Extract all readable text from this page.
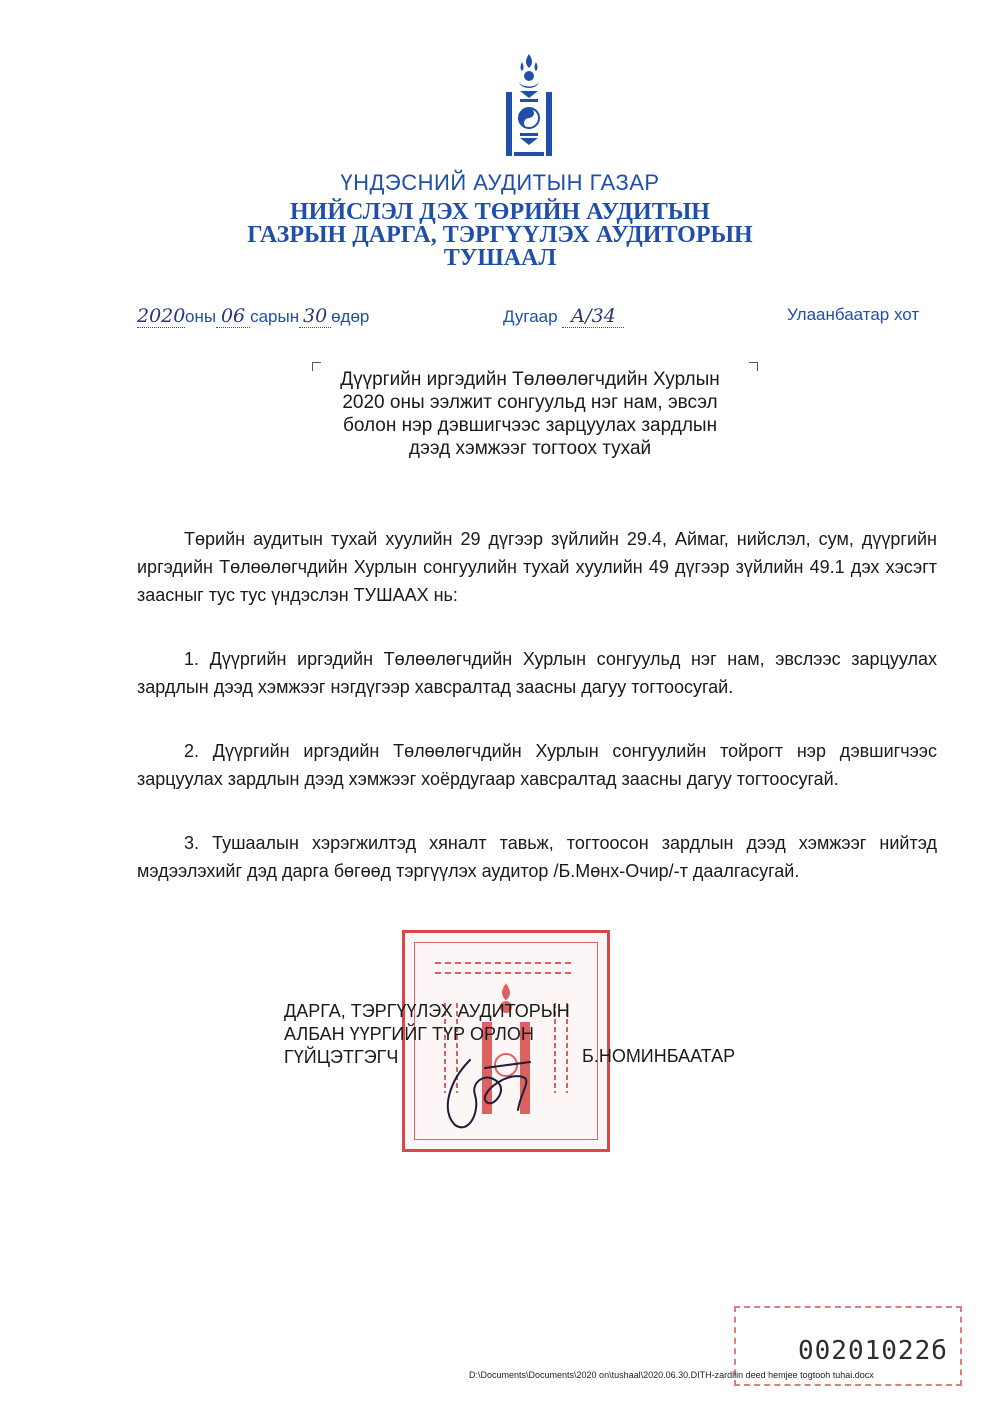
ҮНДЭСНИЙ АУДИТЫН ГАЗАР
НИЙСЛЭЛ ДЭХ ТӨРИЙН АУДИТЫН
ГАЗРЫН ДАРГА, ТЭРГҮҮЛЭХ АУДИТОРЫН
ТУШААЛ
2020оны 06 сарын 30 өдөр	Дугаар А/34	Улаанбаатар хот
Дүүргийн иргэдийн Төлөөлөгчдийн Хурлын
2020 оны ээлжит сонгуульд нэг нам, эвсэл
болон нэр дэвшигчээс зарцуулах зардлын
дээд хэмжээг тогтоох тухай
Төрийн аудитын тухай хуулийн 29 дүгээр зүйлийн 29.4, Аймаг, нийслэл, сум, дүүргийн иргэдийн Төлөөлөгчдийн Хурлын сонгуулийн тухай хуулийн 49 дүгээр зүйлийн 49.1 дэх хэсэгт заасныг тус тус үндэслэн ТУШААХ нь:
1. Дүүргийн иргэдийн Төлөөлөгчдийн Хурлын сонгуульд нэг нам, эвслээс зарцуулах зардлын дээд хэмжээг нэгдүгээр хавсралтад заасны дагуу тогтоосугай.
2. Дүүргийн иргэдийн Төлөөлөгчдийн Хурлын сонгуулийн тойрогт нэр дэвшигчээс зарцуулах зардлын дээд хэмжээг хоёрдугаар хавсралтад заасны дагуу тогтоосугай.
3. Тушаалын хэрэгжилтэд хяналт тавьж, тогтоосон зардлын дээд хэмжээг нийтэд мэдээлэхийг дэд дарга бөгөөд тэргүүлэх аудитор /Б.Мөнх-Очир/-т даалгасугай.
ДАРГА, ТЭРГҮҮЛЭХ АУДИТОРЫН
АЛБАН ҮҮРГИЙГ ТҮР ОРЛОН
ГҮЙЦЭТГЭГЧ	Б.НОМИНБААТАР
00201022б
D:\Documents\Documents\2020 on\tushaal\2020.06.30.DITH-zardliin deed hemjee togtooh tuhai.docx
